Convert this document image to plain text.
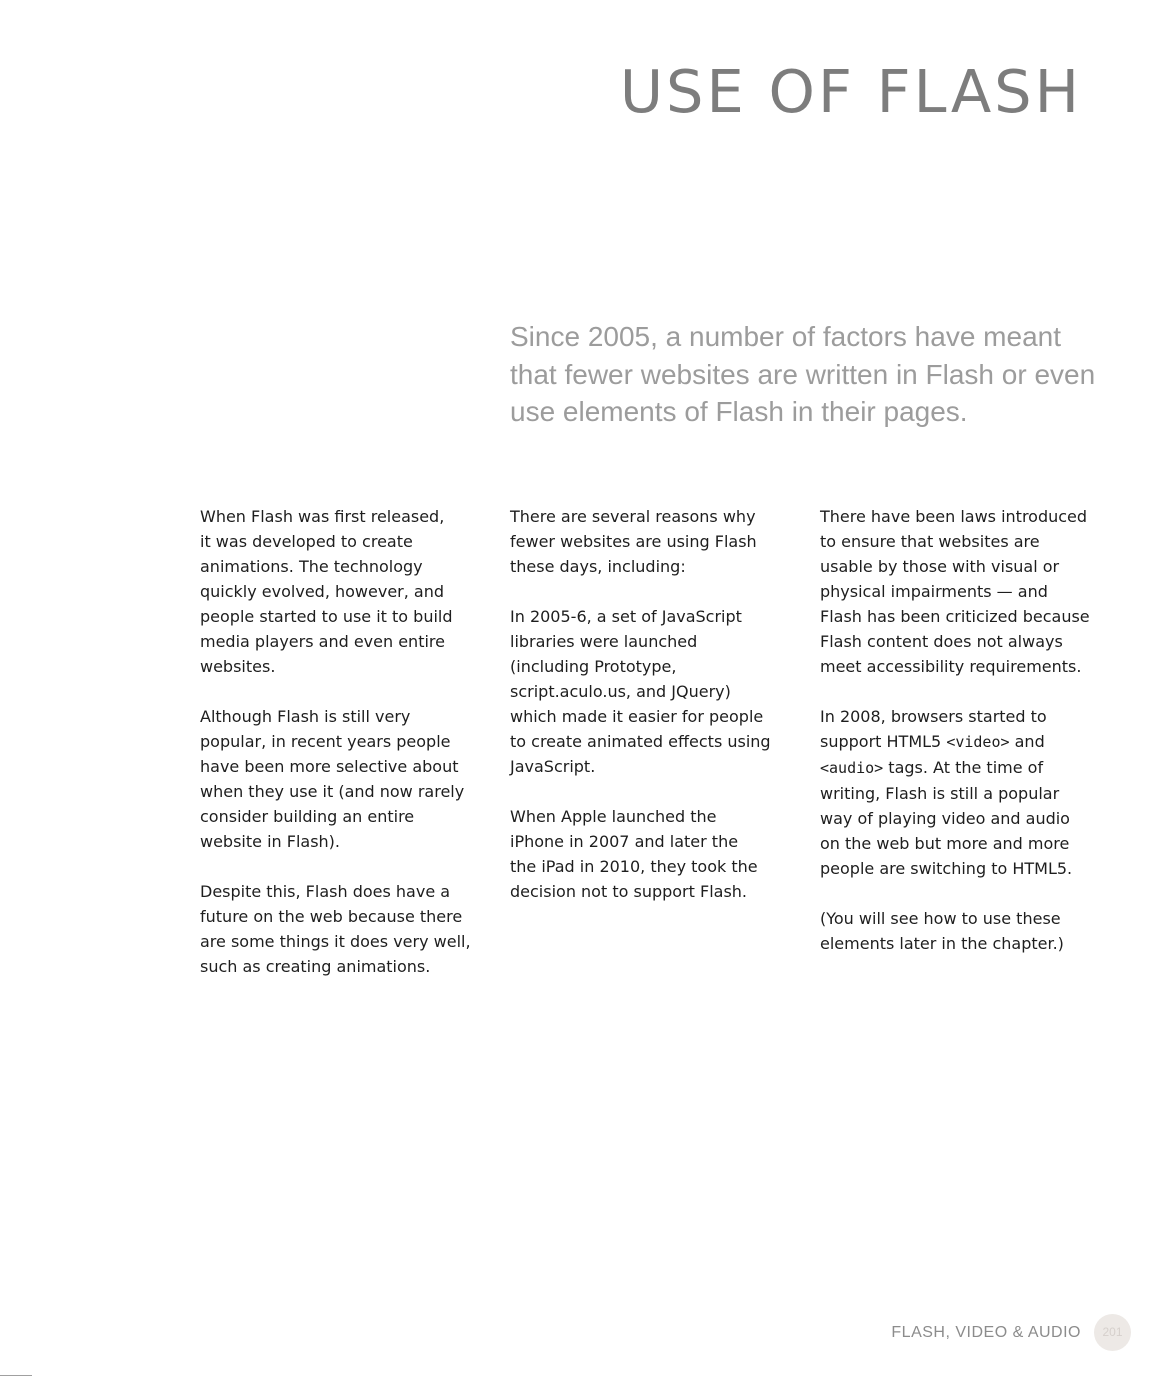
USE OF FLASH

Since 2005, a number of factors have meant that fewer websites are written in Flash or even use elements of Flash in their pages.

When Flash was first released,
it was developed to create
animations. The technology
quickly evolved, however, and
people started to use it to build
media players and even entire
websites.

Although Flash is still very
popular, in recent years people
have been more selective about
when they use it (and now rarely
consider building an entire
website in Flash).

Despite this, Flash does have a
future on the web because there
are some things it does very well,
such as creating animations.

There are several reasons why
fewer websites are using Flash
these days, including:

In 2005-6, a set of JavaScript
libraries were launched
(including Prototype,
script.aculo.us, and JQuery)
which made it easier for people
to create animated effects using
JavaScript.

When Apple launched the
iPhone in 2007 and later the
the iPad in 2010, they took the
decision not to support Flash.

There have been laws introduced
to ensure that websites are
usable by those with visual or
physical impairments — and
Flash has been criticized because
Flash content does not always
meet accessibility requirements.

In 2008, browsers started to
support HTML5 <video> and
<audio> tags. At the time of
writing, Flash is still a popular
way of playing video and audio
on the web but more and more
people are switching to HTML5.

(You will see how to use these
elements later in the chapter.)

FLASH, VIDEO & AUDIO	201
